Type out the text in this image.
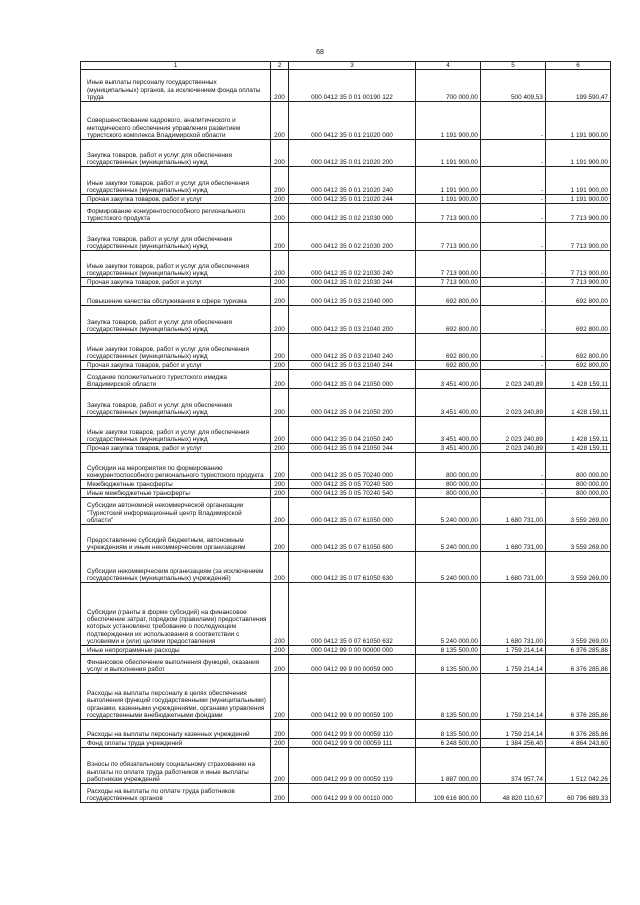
68
1	2	3	4	5	6
Иные выплаты персоналу государственных (муниципальных) органов, за исключением фонда оплаты труда	200	000 0412 35 0 01 00190 122	700 000,00	500 409,53	199 590,47
Совершенствование кадрового, аналитического и методического обеспечения управления развитием туристского комплекса Владимирской области	200	000 0412 35 0 01 21020 000	1 191 900,00	-	1 191 900,00
Закупка товаров, работ и услуг для обеспечения государственных (муниципальных) нужд	200	000 0412 35 0 01 21020 200	1 191 900,00	-	1 191 900,00
Иные закупки товаров, работ и услуг для обеспечения государственных (муниципальных) нужд	200	000 0412 35 0 01 21020 240	1 191 900,00	-	1 191 900,00
Прочая закупка товаров, работ и услуг	200	000 0412 35 0 01 21020 244	1 191 900,00	-	1 191 900,00
Формирование конкурентоспособного регионального туристского продукта	200	000 0412 35 0 02 21030 000	7 713 900,00	-	7 713 900,00
Закупка товаров, работ и услуг для обеспечения государственных (муниципальных) нужд	200	000 0412 35 0 02 21030 200	7 713 900,00	-	7 713 900,00
Иные закупки товаров, работ и услуг для обеспечения государственных (муниципальных) нужд	200	000 0412 35 0 02 21030 240	7 713 900,00	-	7 713 900,00
Прочая закупка товаров, работ и услуг	200	000 0412 35 0 02 21030 244	7 713 900,00	-	7 713 900,00
Повышение качества обслуживания в сфере туризма	200	000 0412 35 0 03 21040 000	692 800,00	-	692 800,00
Закупка товаров, работ и услуг для обеспечения государственных (муниципальных) нужд	200	000 0412 35 0 03 21040 200	692 800,00	-	692 800,00
Иные закупки товаров, работ и услуг для обеспечения государственных (муниципальных) нужд	200	000 0412 35 0 03 21040 240	692 800,00	-	692 800,00
Прочая закупка товаров, работ и услуг	200	000 0412 35 0 03 21040 244	692 800,00	-	692 800,00
Создание положительного туристского имиджа Владимирской области	200	000 0412 35 0 04 21050 000	3 451 400,00	2 023 240,89	1 428 159,11
Закупка товаров, работ и услуг для обеспечения государственных (муниципальных) нужд	200	000 0412 35 0 04 21050 200	3 451 400,00	2 023 240,89	1 428 159,11
Иные закупки товаров, работ и услуг для обеспечения государственных (муниципальных) нужд	200	000 0412 35 0 04 21050 240	3 451 400,00	2 023 240,89	1 428 159,11
Прочая закупка товаров, работ и услуг	200	000 0412 35 0 04 21050 244	3 451 400,00	2 023 240,89	1 428 159,11
Субсидии на мероприятия по формированию конкурентоспособного регионального туристского продукта	200	000 0412 35 0 05 70240 000	800 000,00	-	800 000,00
Межбюджетные трансферты	200	000 0412 35 0 05 70240 500	800 000,00	-	800 000,00
Иные межбюджетные трансферты	200	000 0412 35 0 05 70240 540	800 000,00	-	800 000,00
Субсидии автономной некоммерческой организации "Туристский информационный центр Владимирской области"	200	000 0412 35 0 07 61050 000	5 240 000,00	1 680 731,00	3 559 269,00
Предоставление субсидий бюджетным, автономным учреждениям и иным некоммерческим организациям	200	000 0412 35 0 07 61050 600	5 240 000,00	1 680 731,00	3 559 269,00
Субсидии некоммерческим организациям (за исключением государственных (муниципальных) учреждений)	200	000 0412 35 0 07 61050 630	5 240 000,00	1 680 731,00	3 559 269,00
Субсидии (гранты в форме субсидий) на финансовое обеспечение затрат, порядком (правилами) предоставления которых установлено требование о последующем подтверждении их использования в соответствии с условиями и (или) целями предоставления	200	000 0412 35 0 07 61050 632	5 240 000,00	1 680 731,00	3 559 269,00
Иные непрограммные расходы	200	000 0412 99 0 00 00000 000	8 135 500,00	1 759 214,14	6 376 285,86
Финансовое обеспечение выполнения функций, оказания услуг и выполнения работ	200	000 0412 99 9 00 00059 000	8 135 500,00	1 759 214,14	6 376 285,86
Расходы на выплаты персоналу в целях обеспечения выполнения функций государственными (муниципальными) органами, казенными учреждениями, органами управления государственными внебюджетными фондами	200	000 0412 99 9 00 00059 100	8 135 500,00	1 759 214,14	6 376 285,86
Расходы на выплаты персоналу казенных учреждений	200	000 0412 99 9 00 00059 110	8 135 500,00	1 759 214,14	6 376 285,86
Фонд оплаты труда учреждений	200	000 0412 99 9 00 00059 111	6 248 500,00	1 384 256,40	4 864 243,60
Взносы по обязательному социальному страхованию на выплаты по оплате труда работников и иные выплаты работникам учреждений	200	000 0412 99 9 00 00059 119	1 887 000,00	374 957,74	1 512 042,26
Расходы на выплаты по оплате труда работников государственных органов	200	000 0412 99 9 00 00110 000	109 616 800,00	48 820 110,67	60 796 689,33
